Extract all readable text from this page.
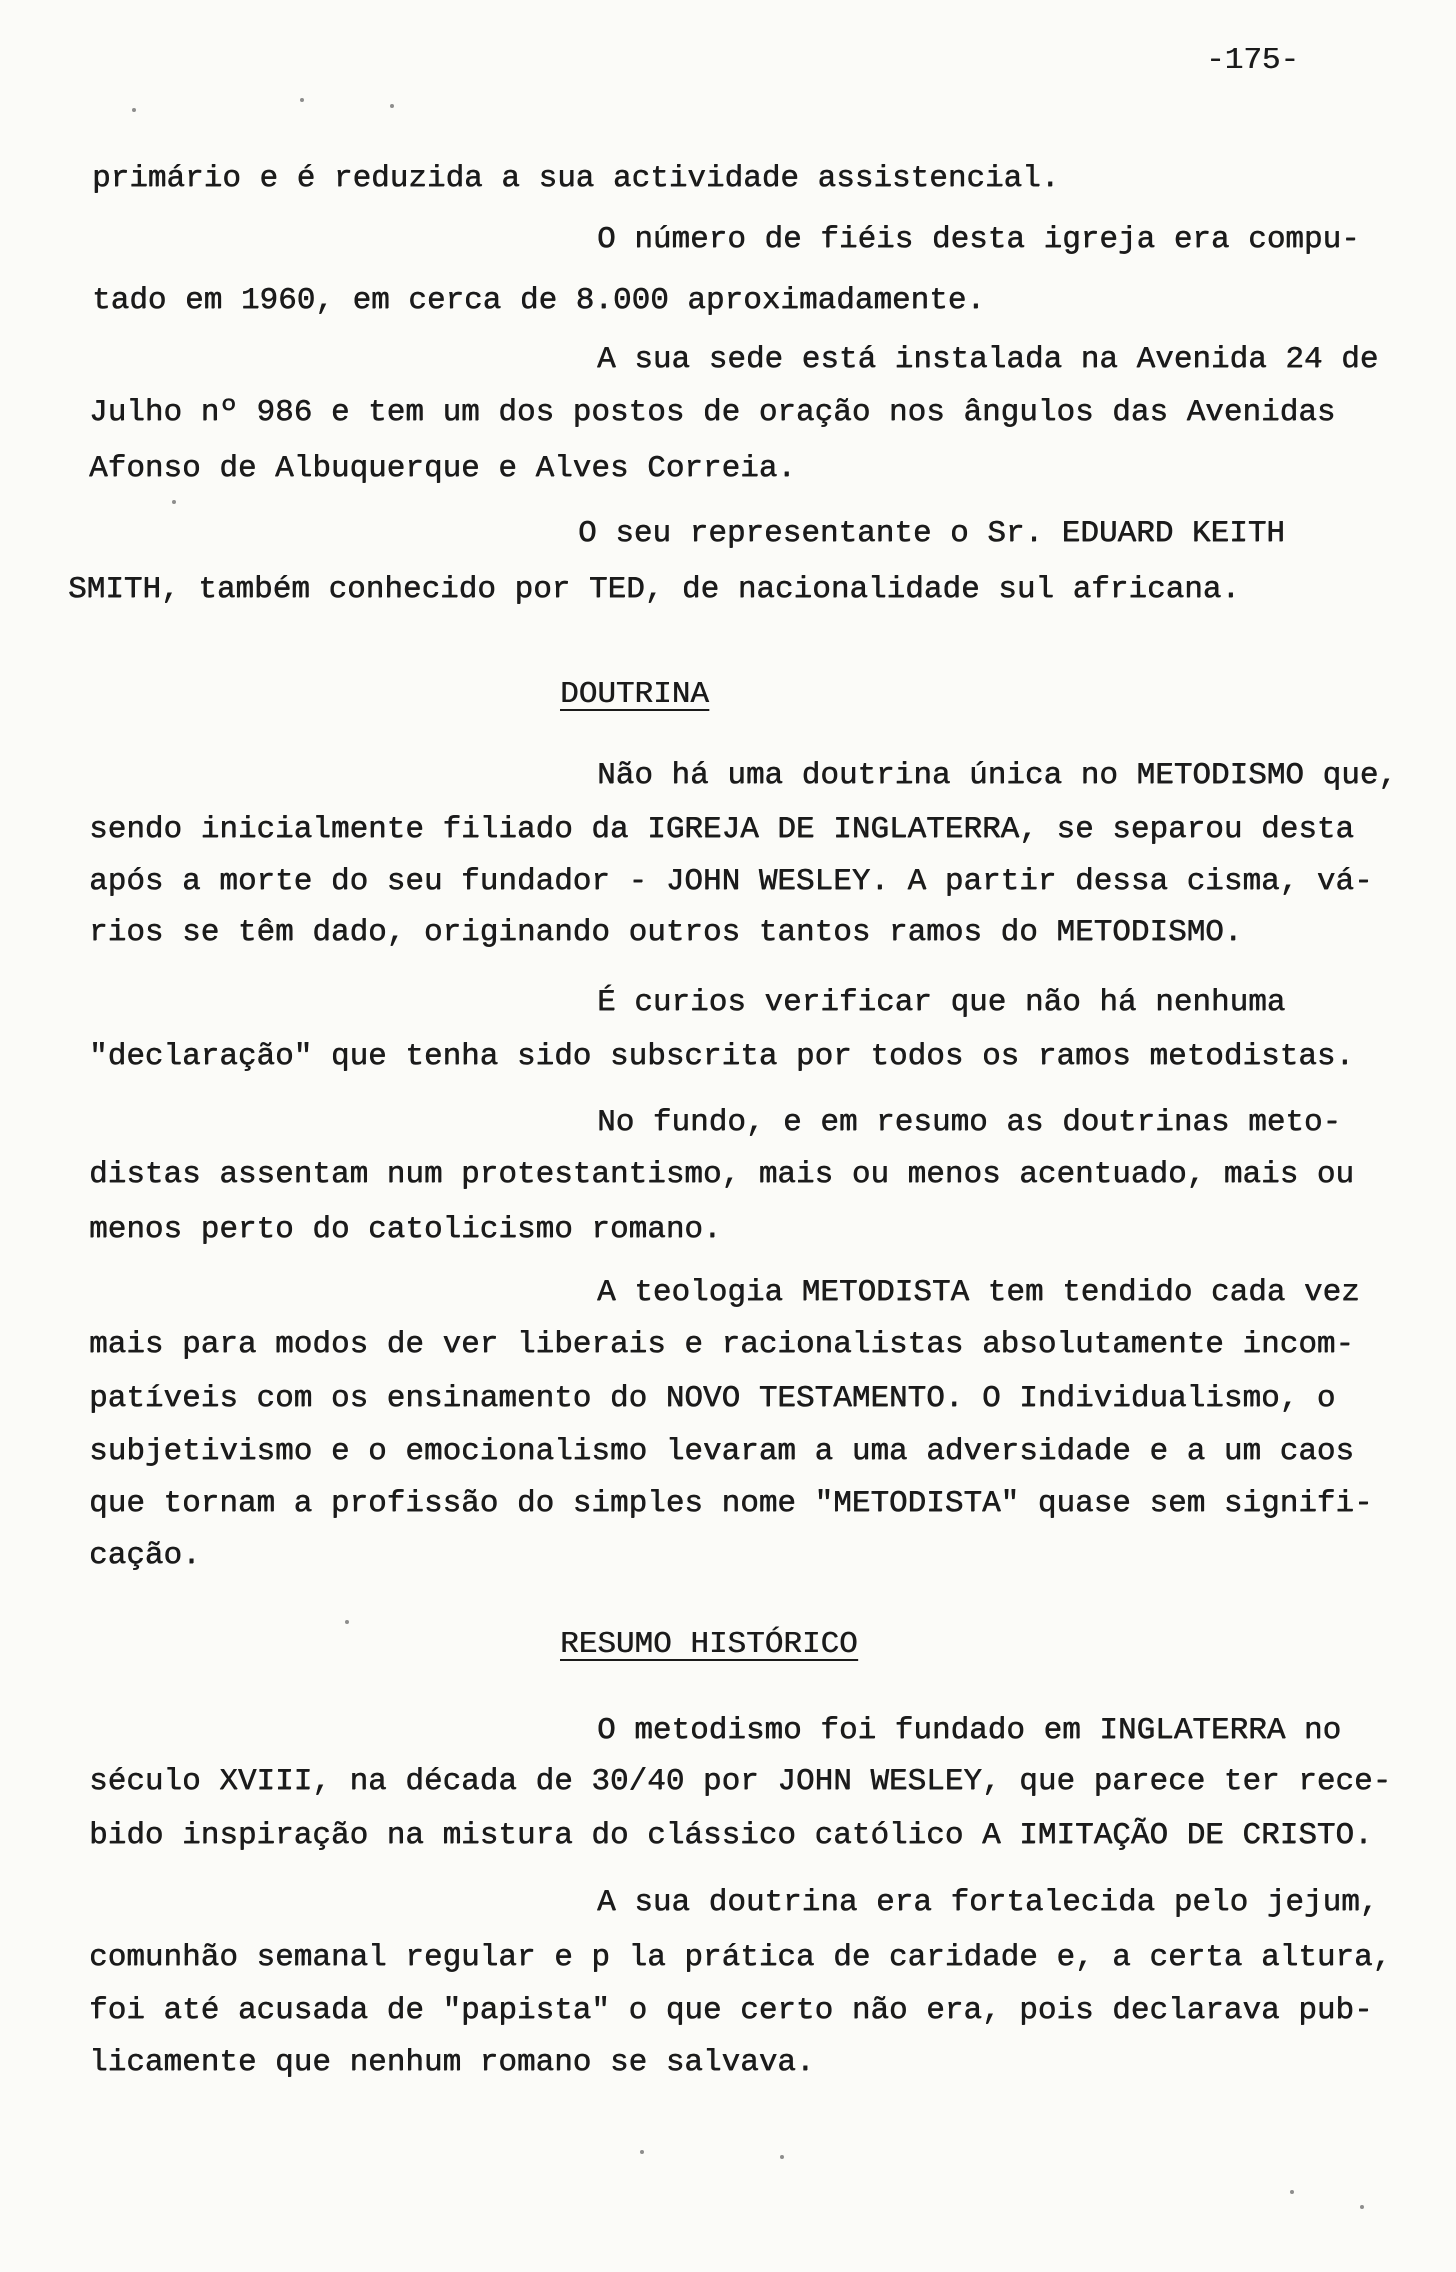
-175-
primário e é reduzida a sua actividade assistencial.
O número de fiéis desta igreja era compu-
tado em 1960, em cerca de 8.000 aproximadamente.
A sua sede está instalada na Avenida 24 de
Julho nº 986 e tem um dos postos de oração nos ângulos das Avenidas
Afonso de Albuquerque e Alves Correia.
O seu representante o Sr. EDUARD KEITH
SMITH, também conhecido por TED, de nacionalidade sul africana.
DOUTRINA
Não há uma doutrina única no METODISMO que,
sendo inicialmente filiado da IGREJA DE INGLATERRA, se separou desta
após a morte do seu fundador - JOHN WESLEY. A partir dessa cisma, vá-
rios se têm dado, originando outros tantos ramos do METODISMO.
É curios verificar que não há nenhuma
"declaração" que tenha sido subscrita por todos os ramos metodistas.
No fundo, e em resumo as doutrinas meto-
distas assentam num protestantismo, mais ou menos acentuado, mais ou
menos perto do catolicismo romano.
A teologia METODISTA tem tendido cada vez
mais para modos de ver liberais e racionalistas absolutamente incom-
patíveis com os ensinamento do NOVO TESTAMENTO. O Individualismo, o
subjetivismo e o emocionalismo levaram a uma adversidade e a um caos
que tornam a profissão do simples nome "METODISTA" quase sem signifi-
cação.
RESUMO HISTÓRICO
O metodismo foi fundado em INGLATERRA no
século XVIII, na década de 30/40 por JOHN WESLEY, que parece ter rece-
bido inspiração na mistura do clássico católico A IMITAÇÃO DE CRISTO.
A sua doutrina era fortalecida pelo jejum,
comunhão semanal regular e p la prática de caridade e, a certa altura,
foi até acusada de "papista" o que certo não era, pois declarava pub-
licamente que nenhum romano se salvava.
